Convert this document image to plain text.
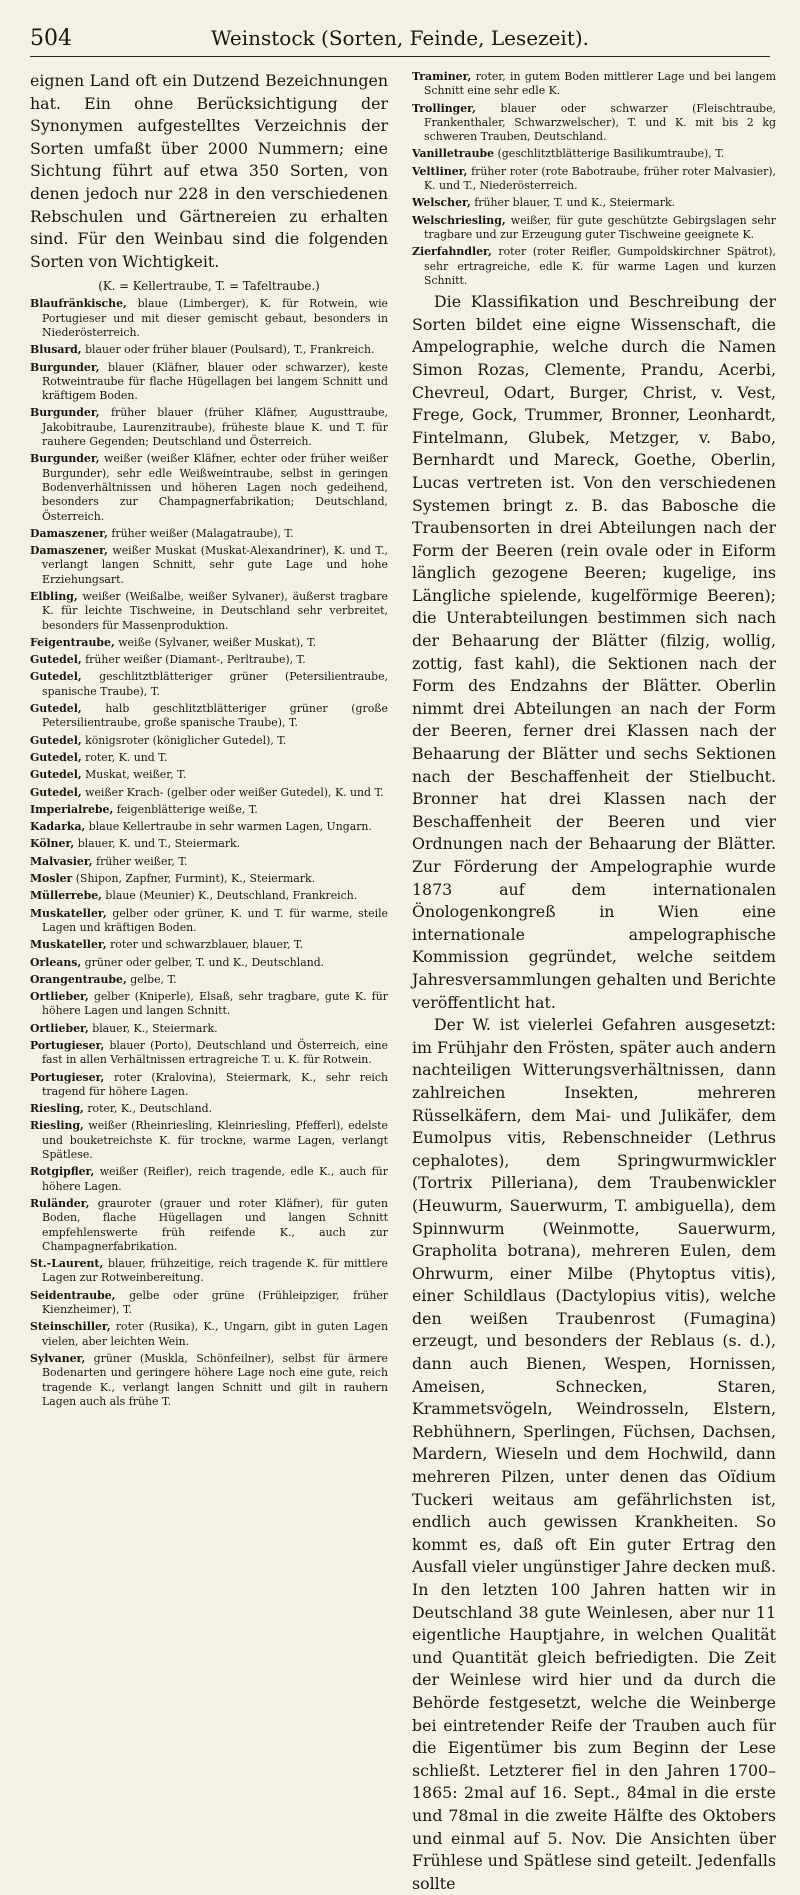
504	Weinstock (Sorten, Feinde, Lesezeit).

eignen Land oft ein Dutzend Bezeichnungen hat. Ein ohne Berücksichtigung der Synonymen aufgestelltes Verzeichnis der Sorten umfaßt über 2000 Nummern; eine Sichtung führt auf etwa 350 Sorten, von denen jedoch nur 228 in den verschiedenen Rebschulen und Gärtnereien zu erhalten sind. Für den Weinbau sind die folgenden Sorten von Wichtigkeit.

(K. = Kellertraube, T. = Tafeltraube.)

Blaufränkische, blaue (Limberger), K. für Rotwein, wie Portugieser und mit dieser gemischt gebaut, besonders in Niederösterreich.

Blusard, blauer oder früher blauer (Poulsard), T., Frankreich.

Burgunder, blauer (Kläfner, blauer oder schwarzer), keste Rotweintraube für flache Hügellagen bei langem Schnitt und kräftigem Boden.

Burgunder, früher blauer (früher Kläfner, Augusttraube, Jakobitraube, Laurenzitraube), früheste blaue K. und T. für rauhere Gegenden; Deutschland und Österreich.

Burgunder, weißer (weißer Kläfner, echter oder früher weißer Burgunder), sehr edle Weißweintraube, selbst in geringen Bodenverhältnissen und höheren Lagen noch gedeihend, besonders zur Champagnerfabrikation; Deutschland, Österreich.

Damaszener, früher weißer (Malagatraube), T.

Damaszener, weißer Muskat (Muskat-Alexandriner), K. und T., verlangt langen Schnitt, sehr gute Lage und hohe Erziehungsart.

Elbling, weißer (Weißalbe, weißer Sylvaner), äußerst tragbare K. für leichte Tischweine, in Deutschland sehr verbreitet, besonders für Massenproduktion.

Feigentraube, weiße (Sylvaner, weißer Muskat), T.

Gutedel, früher weißer (Diamant-, Perltraube), T.

Gutedel, geschlitztblätteriger grüner (Petersilientraube, spanische Traube), T.

Gutedel, halb geschlitztblätteriger grüner (große Petersilientraube, große spanische Traube), T.

Gutedel, königsroter (königlicher Gutedel), T.

Gutedel, roter, K. und T.

Gutedel, Muskat, weißer, T.

Gutedel, weißer Krach- (gelber oder weißer Gutedel), K. und T.

Imperialrebe, feigenblätterige weiße, T.

Kadarka, blaue Kellertraube in sehr warmen Lagen, Ungarn.

Kölner, blauer, K. und T., Steiermark.

Malvasier, früher weißer, T.

Mosler (Shipon, Zapfner, Furmint), K., Steiermark.

Müllerrebe, blaue (Meunier) K., Deutschland, Frankreich.

Muskateller, gelber oder grüner, K. und T. für warme, steile Lagen und kräftigen Boden.

Muskateller, roter und schwarzblauer, blauer, T.

Orleans, grüner oder gelber, T. und K., Deutschland.

Orangentraube, gelbe, T.

Ortlieber, gelber (Kniperle), Elsaß, sehr tragbare, gute K. für höhere Lagen und langen Schnitt.

Ortlieber, blauer, K., Steiermark.

Portugieser, blauer (Porto), Deutschland und Österreich, eine fast in allen Verhältnissen ertragreiche T. u. K. für Rotwein.

Portugieser, roter (Kralovina), Steiermark, K., sehr reich tragend für höhere Lagen.

Riesling, roter, K., Deutschland.

Riesling, weißer (Rheinriesling, Kleinriesling, Pfefferl), edelste und bouketreichste K. für trockne, warme Lagen, verlangt Spätlese.

Rotgipfler, weißer (Reifler), reich tragende, edle K., auch für höhere Lagen.

Ruländer, grauroter (grauer und roter Kläfner), für guten Boden, flache Hügellagen und langen Schnitt empfehlenswerte früh reifende K., auch zur Champagnerfabrikation.

St.-Laurent, blauer, frühzeitige, reich tragende K. für mittlere Lagen zur Rotweinbereitung.

Seidentraube, gelbe oder grüne (Frühleipziger, früher Kienzheimer), T.

Steinschiller, roter (Rusika), K., Ungarn, gibt in guten Lagen vielen, aber leichten Wein.

Sylvaner, grüner (Muskla, Schönfeilner), selbst für ärmere Bodenarten und geringere höhere Lage noch eine gute, reich tragende K., verlangt langen Schnitt und gilt in rauhern Lagen auch als frühe T.

Traminer, roter, in gutem Boden mittlerer Lage und bei langem Schnitt eine sehr edle K.

Trollinger, blauer oder schwarzer (Fleischtraube, Frankenthaler, Schwarzwelscher), T. und K. mit bis 2 kg schweren Trauben, Deutschland.

Vanilletraube (geschlitztblätterige Basilikumtraube), T.

Veltliner, früher roter (rote Babotraube, früher roter Malvasier), K. und T., Niederösterreich.

Welscher, früher blauer, T. und K., Steiermark.

Welschriesling, weißer, für gute geschützte Gebirgslagen sehr tragbare und zur Erzeugung guter Tischweine geeignete K.

Zierfahndler, roter (roter Reifler, Gumpoldskirchner Spätrot), sehr ertragreiche, edle K. für warme Lagen und kurzen Schnitt.

Die Klassifikation und Beschreibung der Sorten bildet eine eigne Wissenschaft, die Ampelographie, welche durch die Namen Simon Rozas, Clemente, Prandu, Acerbi, Chevreul, Odart, Burger, Christ, v. Vest, Frege, Gock, Trummer, Bronner, Leonhardt, Fintelmann, Glubek, Metzger, v. Babo, Bernhardt und Mareck, Goethe, Oberlin, Lucas vertreten ist. Von den verschiedenen Systemen bringt z. B. das Babosche die Traubensorten in drei Abteilungen nach der Form der Beeren (rein ovale oder in Eiform länglich gezogene Beeren; kugelige, ins Längliche spielende, kugelförmige Beeren); die Unterabteilungen bestimmen sich nach der Behaarung der Blätter (filzig, wollig, zottig, fast kahl), die Sektionen nach der Form des Endzahns der Blätter. Oberlin nimmt drei Abteilungen an nach der Form der Beeren, ferner drei Klassen nach der Behaarung der Blätter und sechs Sektionen nach der Beschaffenheit der Stielbucht. Bronner hat drei Klassen nach der Beschaffenheit der Beeren und vier Ordnungen nach der Behaarung der Blätter. Zur Förderung der Ampelographie wurde 1873 auf dem internationalen Önologenkongreß in Wien eine internationale ampelographische Kommission gegründet, welche seitdem Jahresversammlungen gehalten und Berichte veröffentlicht hat.

Der W. ist vielerlei Gefahren ausgesetzt: im Frühjahr den Frösten, später auch andern nachteiligen Witterungsverhältnissen, dann zahlreichen Insekten, mehreren Rüsselkäfern, dem Mai- und Julikäfer, dem Eumolpus vitis, Rebenschneider (Lethrus cephalotes), dem Springwurmwickler (Tortrix Pilleriana), dem Traubenwickler (Heuwurm, Sauerwurm, T. ambiguella), dem Spinnwurm (Weinmotte, Sauerwurm, Grapholita botrana), mehreren Eulen, dem Ohrwurm, einer Milbe (Phytoptus vitis), einer Schildlaus (Dactylopius vitis), welche den weißen Traubenrost (Fumagina) erzeugt, und besonders der Reblaus (s. d.), dann auch Bienen, Wespen, Hornissen, Ameisen, Schnecken, Staren, Krammetsvögeln, Weindrosseln, Elstern, Rebhühnern, Sperlingen, Füchsen, Dachsen, Mardern, Wieseln und dem Hochwild, dann mehreren Pilzen, unter denen das Oïdium Tuckeri weitaus am gefährlichsten ist, endlich auch gewissen Krankheiten. So kommt es, daß oft Ein guter Ertrag den Ausfall vieler ungünstiger Jahre decken muß. In den letzten 100 Jahren hatten wir in Deutschland 38 gute Weinlesen, aber nur 11 eigentliche Hauptjahre, in welchen Qualität und Quantität gleich befriedigten. Die Zeit der Weinlese wird hier und da durch die Behörde festgesetzt, welche die Weinberge bei eintretender Reife der Trauben auch für die Eigentümer bis zum Beginn der Lese schließt. Letzterer fiel in den Jahren 1700–1865: 2mal auf 16. Sept., 84mal in die erste und 78mal in die zweite Hälfte des Oktobers und einmal auf 5. Nov. Die Ansichten über Frühlese und Spätlese sind geteilt. Jedenfalls sollte
